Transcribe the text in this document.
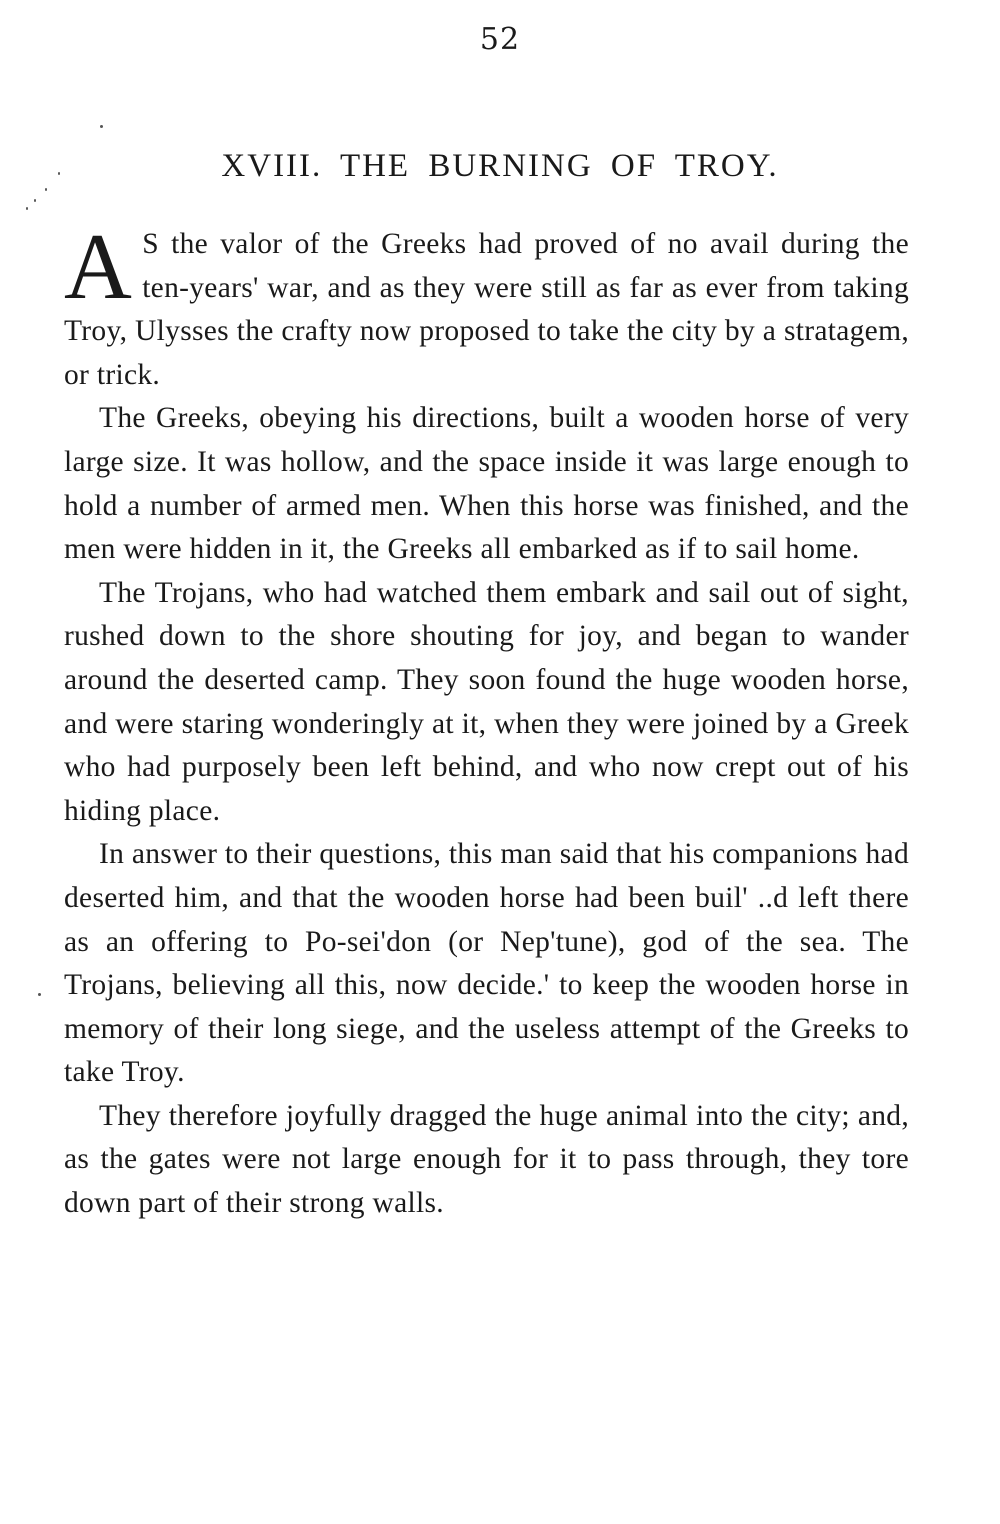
52
XVIII. THE BURNING OF TROY.

A S the valor of the Greeks had proved of no avail during the ten-years' war, and as they were still as far as ever from taking Troy, Ulysses the crafty now proposed to take the city by a stratagem, or trick.

The Greeks, obeying his directions, built a wooden horse of very large size. It was hollow, and the space inside it was large enough to hold a number of armed men. When this horse was finished, and the men were hidden in it, the Greeks all embarked as if to sail home.

The Trojans, who had watched them embark and sail out of sight, rushed down to the shore shouting for joy, and began to wander around the deserted camp. They soon found the huge wooden horse, and were staring wonderingly at it, when they were joined by a Greek who had purposely been left behind, and who now crept out of his hiding place.

In answer to their questions, this man said that his companions had deserted him, and that the wooden horse had been buil' ..d left there as an offering to Po-sei'don (or Nep'tune), god of the sea. The Trojans, believing all this, now decide.' to keep the wooden horse in memory of their long siege, and the useless attempt of the Greeks to take Troy.

They therefore joyfully dragged the huge animal into the city; and, as the gates were not large enough for it to pass through, they tore down part of their strong walls.
